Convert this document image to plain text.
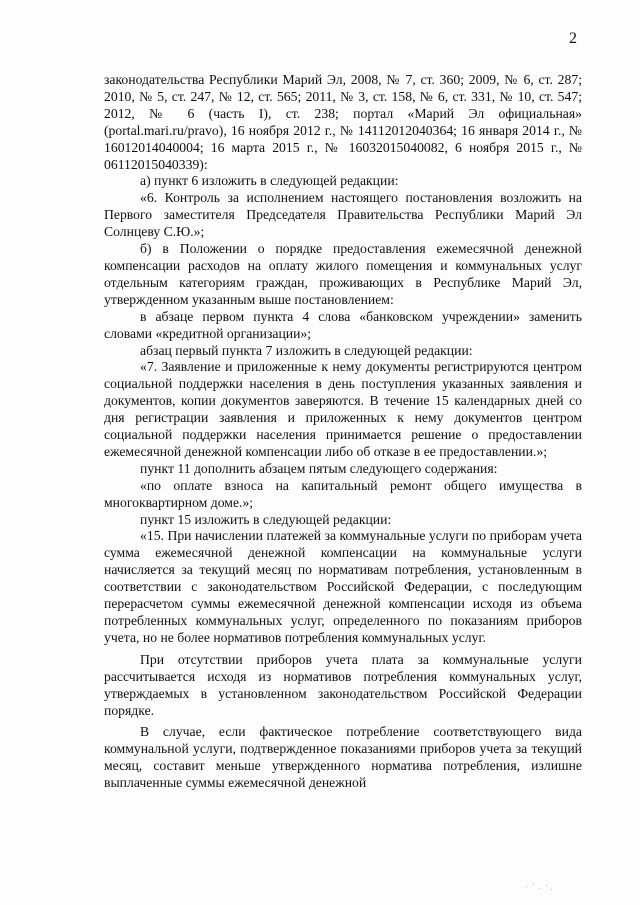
2

законодательства Республики Марий Эл, 2008, № 7, ст. 360; 2009, № 6, ст. 287; 2010, № 5, ст. 247, № 12, ст. 565; 2011, № 3, ст. 158, № 6, ст. 331, № 10, ст. 547; 2012, № 6 (часть I), ст. 238; портал «Марий Эл официальная» (portal.mari.ru/pravo), 16 ноября 2012 г., № 14112012040364; 16 января 2014 г., № 16012014040004; 16 марта 2015 г., № 16032015040082, 6 ноября 2015 г., № 06112015040339):

а) пункт 6 изложить в следующей редакции:

«6. Контроль за исполнением настоящего постановления возложить на Первого заместителя Председателя Правительства Республики Марий Эл Солнцеву С.Ю.»;

б) в Положении о порядке предоставления ежемесячной денежной компенсации расходов на оплату жилого помещения и коммунальных услуг отдельным категориям граждан, проживающих в Республике Марий Эл, утвержденном указанным выше постановлением:

в абзаце первом пункта 4 слова «банковском учреждении» заменить словами «кредитной организации»;

абзац первый пункта 7 изложить в следующей редакции:

«7. Заявление и приложенные к нему документы регистрируются центром социальной поддержки населения в день поступления указанных заявления и документов, копии документов заверяются. В течение 15 календарных дней со дня регистрации заявления и приложенных к нему документов центром социальной поддержки населения принимается решение о предоставлении ежемесячной денежной компенсации либо об отказе в ее предоставлении.»;

пункт 11 дополнить абзацем пятым следующего содержания:

«по оплате взноса на капитальный ремонт общего имущества в многоквартирном доме.»;

пункт 15 изложить в следующей редакции:

«15. При начислении платежей за коммунальные услуги по приборам учета сумма ежемесячной денежной компенсации на коммунальные услуги начисляется за текущий месяц по нормативам потребления, установленным в соответствии с законодательством Российской Федерации, с последующим перерасчетом суммы ежемесячной денежной компенсации исходя из объема потребленных коммунальных услуг, определенного по показаниям приборов учета, но не более нормативов потребления коммунальных услуг.

При отсутствии приборов учета плата за коммунальные услуги рассчитывается исходя из нормативов потребления коммунальных услуг, утверждаемых в установленном законодательством Российской Федерации порядке.

В случае, если фактическое потребление соответствующего вида коммунальной услуги, подтвержденное показаниями приборов учета за текущий месяц, составит меньше утвержденного норматива потребления, излишне выплаченные суммы ежемесячной денежной
